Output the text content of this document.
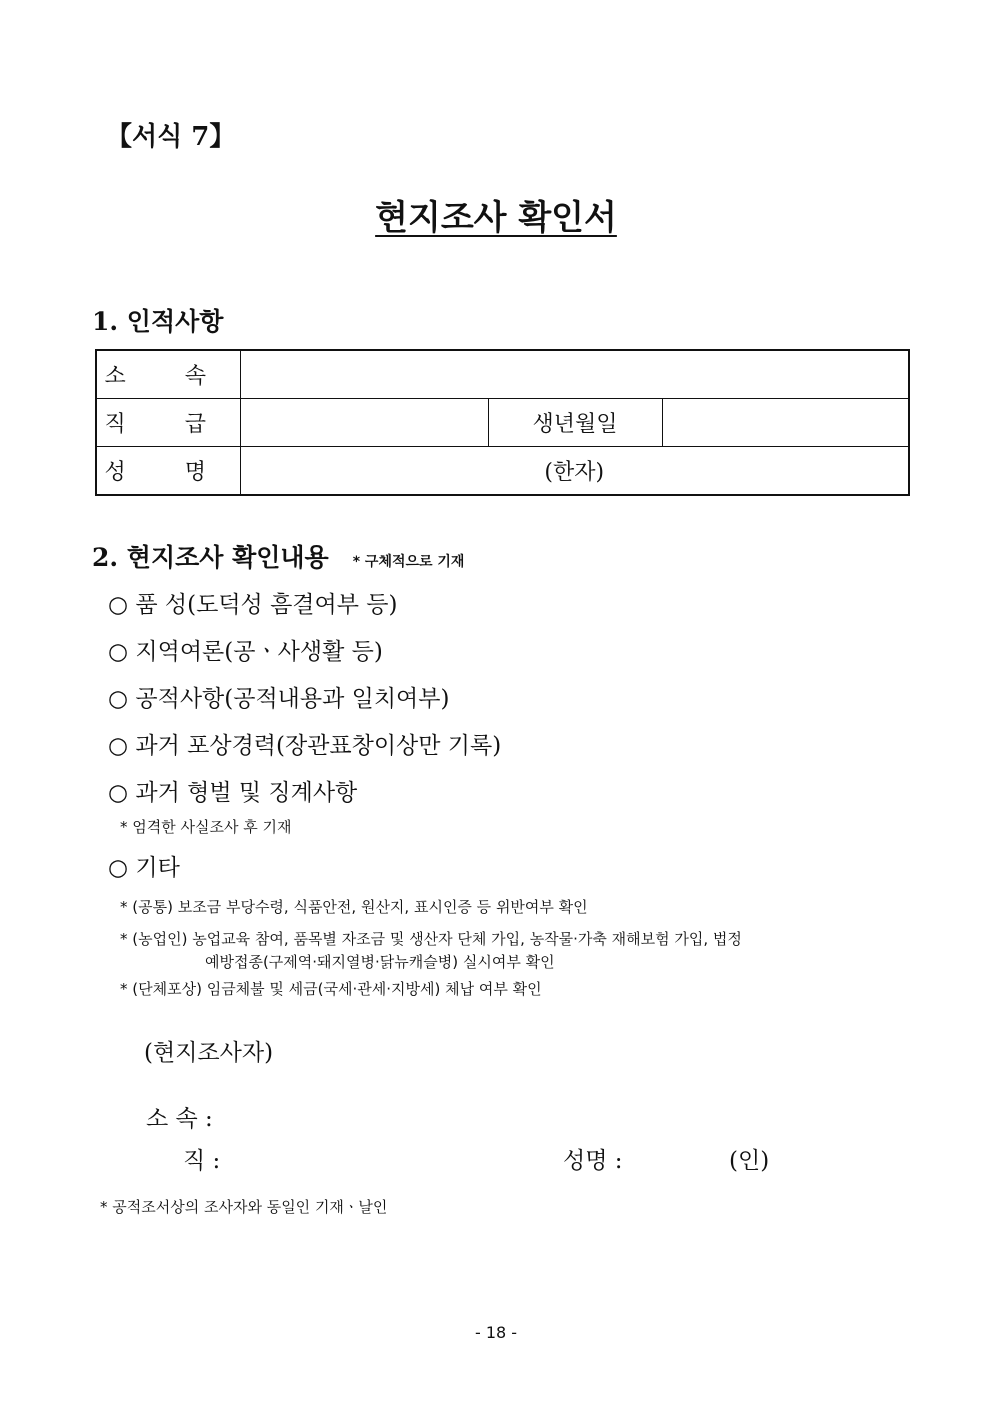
【서식 7】
현지조사 확인서
1. 인적사항
소 속			
직 급		생년월일	
성 명	(한자)		
2. 현지조사 확인내용 * 구체적으로 기재
○ 품 성(도덕성 흠결여부 등)
○ 지역여론(공ㆍ사생활 등)
○ 공적사항(공적내용과 일치여부)
○ 과거 포상경력(장관표창이상만 기록)
○ 과거 형벌 및 징계사항
* 엄격한 사실조사 후 기재
○ 기타
* (공통) 보조금 부당수령, 식품안전, 원산지, 표시인증 등 위반여부 확인
* (농업인) 농업교육 참여, 품목별 자조금 및 생산자 단체 가입, 농작물·가축 재해보험 가입, 법정
예방접종(구제역·돼지열병·닭뉴캐슬병) 실시여부 확인
* (단체포상) 임금체불 및 세금(국세·관세·지방세) 체납 여부 확인
(현지조사자)
소 속 :
직 :	성명 :	(인)
* 공적조서상의 조사자와 동일인 기재ㆍ날인
- 18 -
